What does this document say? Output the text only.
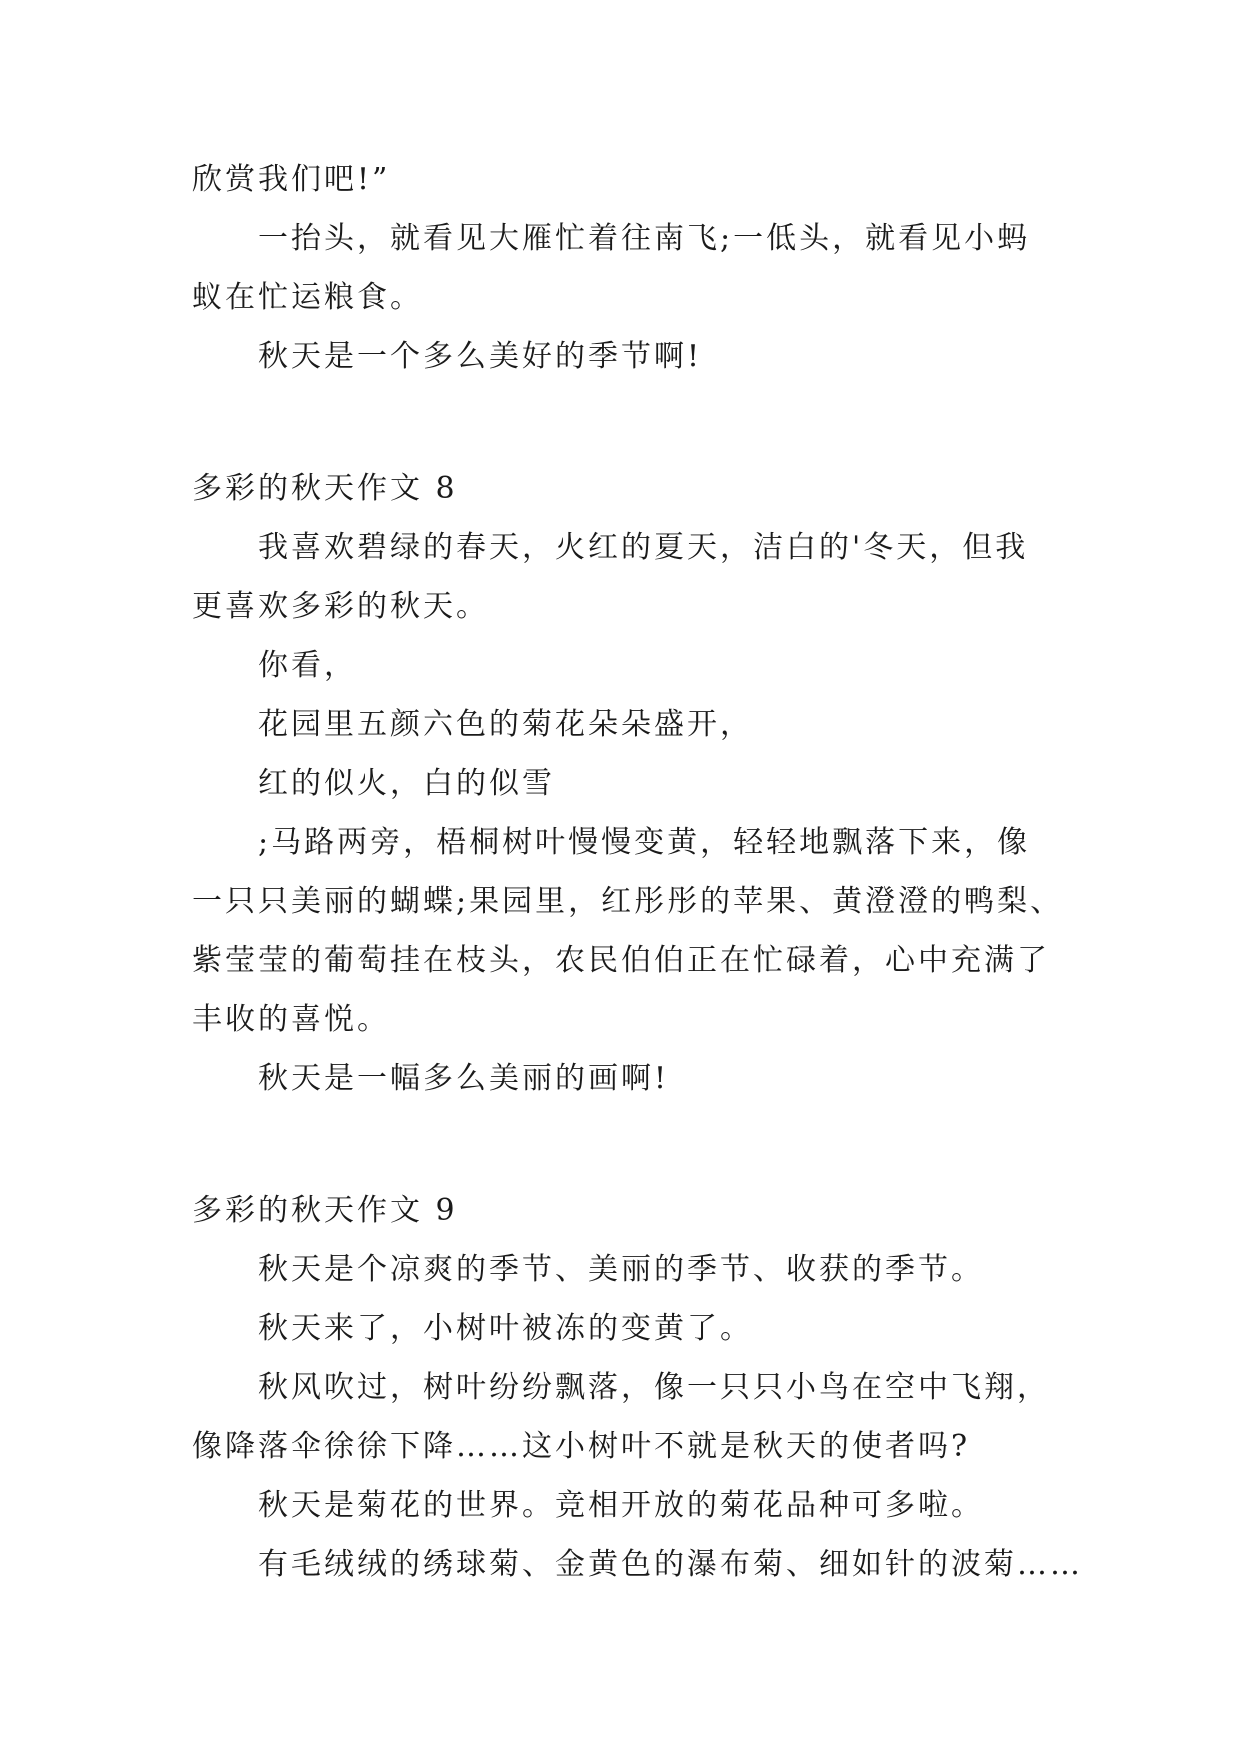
欣赏我们吧!”
一抬头，就看见大雁忙着往南飞;一低头，就看见小蚂
蚁在忙运粮食。
秋天是一个多么美好的季节啊!
多彩的秋天作文 8
我喜欢碧绿的春天，火红的夏天，洁白的'冬天，但我
更喜欢多彩的秋天。
你看，
花园里五颜六色的菊花朵朵盛开，
红的似火，白的似雪
;马路两旁，梧桐树叶慢慢变黄，轻轻地飘落下来，像
一只只美丽的蝴蝶;果园里，红彤彤的苹果、黄澄澄的鸭梨、
紫莹莹的葡萄挂在枝头，农民伯伯正在忙碌着，心中充满了
丰收的喜悦。
秋天是一幅多么美丽的画啊!
多彩的秋天作文 9
秋天是个凉爽的季节、美丽的季节、收获的季节。
秋天来了，小树叶被冻的变黄了。
秋风吹过，树叶纷纷飘落，像一只只小鸟在空中飞翔，
像降落伞徐徐下降……这小树叶不就是秋天的使者吗?
秋天是菊花的世界。竞相开放的菊花品种可多啦。
有毛绒绒的绣球菊、金黄色的瀑布菊、细如针的波菊……
